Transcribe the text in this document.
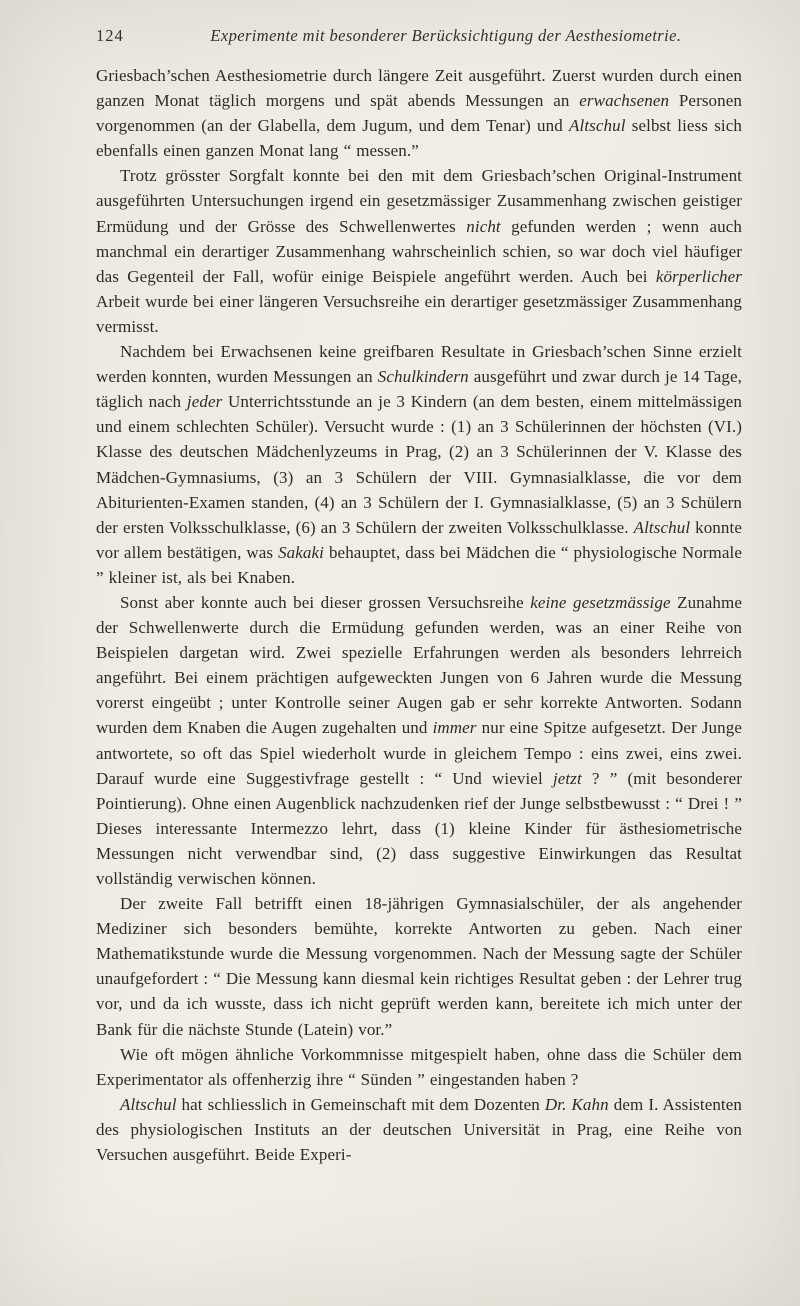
124	Experimente mit besonderer Berücksichtigung der Aesthesiometrie.

Griesbach’schen Aesthesiometrie durch längere Zeit ausgeführt. Zuerst wurden durch einen ganzen Monat täglich morgens und spät abends Messungen an erwachsenen Personen vorgenommen (an der Glabella, dem Jugum, und dem Tenar) und Altschul selbst liess sich ebenfalls einen ganzen Monat lang “ messen.”

Trotz grösster Sorgfalt konnte bei den mit dem Griesbach’schen Original-Instrument ausgeführten Untersuchungen irgend ein gesetzmässiger Zusammenhang zwischen geistiger Ermüdung und der Grösse des Schwellenwertes nicht gefunden werden ; wenn auch manchmal ein derartiger Zusammenhang wahrscheinlich schien, so war doch viel häufiger das Gegenteil der Fall, wofür einige Beispiele angeführt werden. Auch bei körperlicher Arbeit wurde bei einer längeren Versuchsreihe ein derartiger gesetzmässiger Zusammenhang vermisst.

Nachdem bei Erwachsenen keine greifbaren Resultate in Griesbach’schen Sinne erzielt werden konnten, wurden Messungen an Schulkindern ausgeführt und zwar durch je 14 Tage, täglich nach jeder Unterrichtsstunde an je 3 Kindern (an dem besten, einem mittelmässigen und einem schlechten Schüler). Versucht wurde : (1) an 3 Schülerinnen der höchsten (VI.) Klasse des deutschen Mädchenlyzeums in Prag, (2) an 3 Schülerinnen der V. Klasse des Mädchen-Gymnasiums, (3) an 3 Schülern der VIII. Gymnasialklasse, die vor dem Abiturienten-Examen standen, (4) an 3 Schülern der I. Gymnasialklasse, (5) an 3 Schülern der ersten Volksschulklasse, (6) an 3 Schülern der zweiten Volksschulklasse. Altschul konnte vor allem bestätigen, was Sakaki behauptet, dass bei Mädchen die “ physiologische Normale ” kleiner ist, als bei Knaben.

Sonst aber konnte auch bei dieser grossen Versuchsreihe keine gesetzmässige Zunahme der Schwellenwerte durch die Ermüdung gefunden werden, was an einer Reihe von Beispielen dargetan wird. Zwei spezielle Erfahrungen werden als besonders lehrreich angeführt. Bei einem prächtigen aufgeweckten Jungen von 6 Jahren wurde die Messung vorerst eingeübt ; unter Kontrolle seiner Augen gab er sehr korrekte Antworten. Sodann wurden dem Knaben die Augen zugehalten und immer nur eine Spitze aufgesetzt. Der Junge antwortete, so oft das Spiel wiederholt wurde in gleichem Tempo : eins zwei, eins zwei. Darauf wurde eine Suggestivfrage gestellt : “ Und wieviel jetzt ? ” (mit besonderer Pointierung). Ohne einen Augenblick nachzudenken rief der Junge selbstbewusst : “ Drei ! ” Dieses interessante Intermezzo lehrt, dass (1) kleine Kinder für ästhesiometrische Messungen nicht verwendbar sind, (2) dass suggestive Einwirkungen das Resultat vollständig verwischen können.

Der zweite Fall betrifft einen 18-jährigen Gymnasialschüler, der als angehender Mediziner sich besonders bemühte, korrekte Antworten zu geben. Nach einer Mathematikstunde wurde die Messung vorgenommen. Nach der Messung sagte der Schüler unaufgefordert : “ Die Messung kann diesmal kein richtiges Resultat geben : der Lehrer trug vor, und da ich wusste, dass ich nicht geprüft werden kann, bereitete ich mich unter der Bank für die nächste Stunde (Latein) vor.”

Wie oft mögen ähnliche Vorkommnisse mitgespielt haben, ohne dass die Schüler dem Experimentator als offenherzig ihre “ Sünden ” eingestanden haben ?

Altschul hat schliesslich in Gemeinschaft mit dem Dozenten Dr. Kahn dem I. Assistenten des physiologischen Instituts an der deutschen Universität in Prag, eine Reihe von Versuchen ausgeführt. Beide Experi-
